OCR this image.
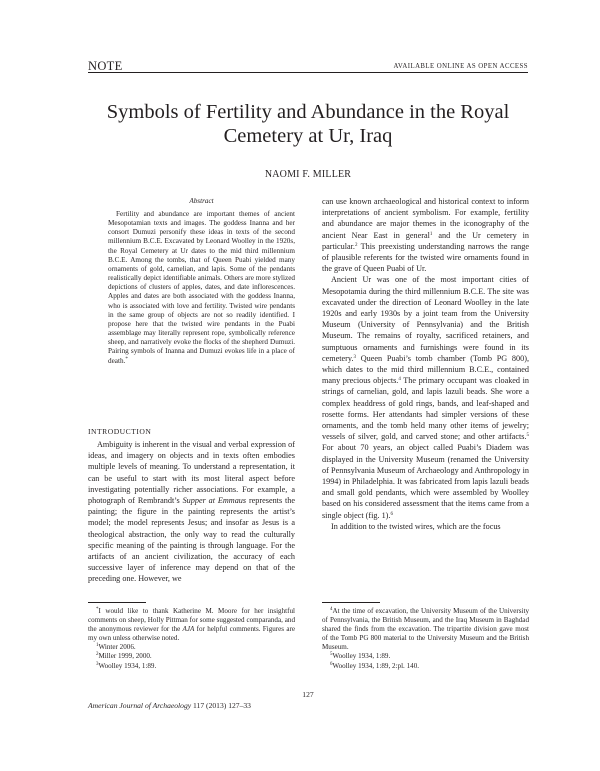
NOTE	AVAILABLE ONLINE AS OPEN ACCESS
Symbols of Fertility and Abundance in the Royal Cemetery at Ur, Iraq
NAOMI F. MILLER
Abstract

Fertility and abundance are important themes of ancient Mesopotamian texts and images. The goddess Inanna and her consort Dumuzi personify these ideas in texts of the second millennium B.C.E. Excavated by Leonard Woolley in the 1920s, the Royal Cemetery at Ur dates to the mid third millennium B.C.E. Among the tombs, that of Queen Puabi yielded many ornaments of gold, carnelian, and lapis. Some of the pendants realistically depict identifiable animals. Others are more stylized depictions of clusters of apples, dates, and date inflorescences. Apples and dates are both associated with the goddess Inanna, who is associated with love and fertility. Twisted wire pendants in the same group of objects are not so readily identified. I propose here that the twisted wire pendants in the Puabi assemblage may literally represent rope, symbolically reference sheep, and narratively evoke the flocks of the shepherd Dumuzi. Pairing symbols of Inanna and Dumuzi evokes life in a place of death.*

INTRODUCTION

Ambiguity is inherent in the visual and verbal expression of ideas, and imagery on objects and in texts often embodies multiple levels of meaning. To understand a representation, it can be useful to start with its most literal aspect before investigating potentially richer associations. For example, a photograph of Rembrandt’s Supper at Emmaus represents the painting; the figure in the painting represents the artist’s model; the model represents Jesus; and insofar as Jesus is a theological abstraction, the only way to read the culturally specific meaning of the painting is through language. For the artifacts of an ancient civilization, the accuracy of each successive layer of inference may depend on that of the preceding one. However, we

can use known archaeological and historical context to inform interpretations of ancient symbolism. For example, fertility and abundance are major themes in the iconography of the ancient Near East in general$^1$ and the Ur cemetery in particular.$^2$ This preexisting understanding narrows the range of plausible referents for the twisted wire ornaments found in the grave of Queen Puabi of Ur.

Ancient Ur was one of the most important cities of Mesopotamia during the third millennium B.C.E. The site was excavated under the direction of Leonard Woolley in the late 1920s and early 1930s by a joint team from the University Museum (University of Pennsylvania) and the British Museum. The remains of royalty, sacrificed retainers, and sumptuous ornaments and furnishings were found in its cemetery.$^3$ Queen Puabi’s tomb chamber (Tomb PG 800), which dates to the mid third millennium B.C.E., contained many precious objects.$^4$ The primary occupant was cloaked in strings of carnelian, gold, and lapis lazuli beads. She wore a complex headdress of gold rings, bands, and leaf-shaped and rosette forms. Her attendants had simpler versions of these ornaments, and the tomb held many other items of jewelry; vessels of silver, gold, and carved stone; and other artifacts.$^5$ For about 70 years, an object called Puabi’s Diadem was displayed in the University Museum (renamed the University of Pennsylvania Museum of Archaeology and Anthropology in 1994) in Philadelphia. It was fabricated from lapis lazuli beads and small gold pendants, which were assembled by Woolley based on his considered assessment that the items came from a single object (fig. 1).$^6$

In addition to the twisted wires, which are the focus

*I would like to thank Katherine M. Moore for her insightful comments on sheep, Holly Pittman for some suggested comparanda, and the anonymous reviewer for the AJA for helpful comments. Figures are my own unless otherwise noted.

$^1$Winter 2006.

$^2$Miller 1999, 2000.

$^3$Woolley 1934, 1:89.

$^4$At the time of excavation, the University Museum of the University of Pennsylvania, the British Museum, and the Iraq Museum in Baghdad shared the finds from the excavation. The tripartite division gave most of the Tomb PG 800 material to the University Museum and the British Museum.

$^5$Woolley 1934, 1:89.

$^6$Woolley 1934, 1:89, 2:pl. 140.

127
American Journal of Archaeology 117 (2013) 127–33
